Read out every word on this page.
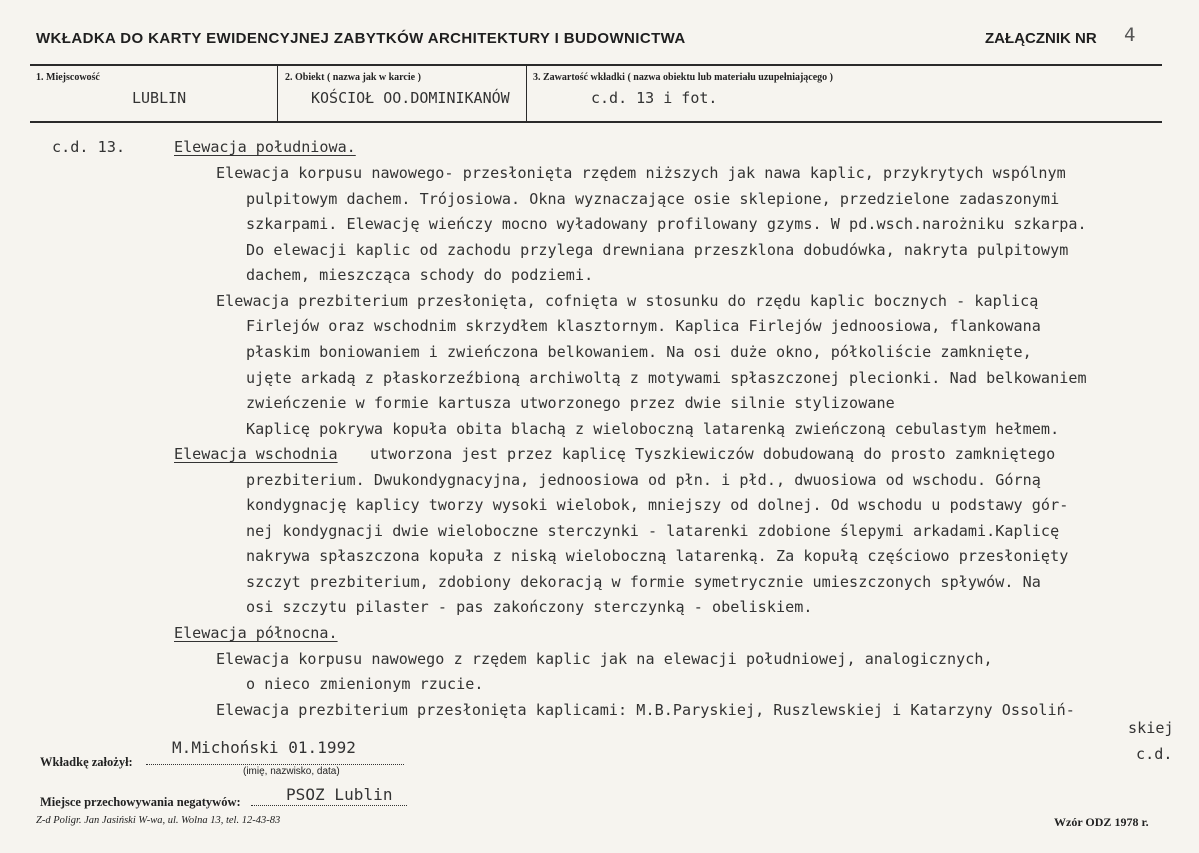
WKŁADKA DO KARTY EWIDENCYJNEJ ZABYTKÓW ARCHITEKTURY I BUDOWNICTWA	ZAŁĄCZNIK NR 4
1. Miejscowość
LUBLIN
2. Obiekt ( nazwa jak w karcie )
KOŚCIOŁ OO.DOMINIKANÓW
3. Zawartość wkładki ( nazwa obiektu lub materiału uzupełniającego )
c.d. 13 i fot.
c.d. 13.	Elewacja południowa.
Elewacja korpusu nawowego- przesłonięta rzędem niższych jak nawa kaplic, przykrytych wspólnym
pulpitowym dachem. Trójosiowa. Okna wyznaczające osie sklepione, przedzielone zadaszonymi
szkarpami. Elewację wieńczy mocno wyładowany profilowany gzyms. W pd.wsch.narożniku szkarpa.
Do elewacji kaplic od zachodu przylega drewniana przeszklona dobudówka, nakryta pulpitowym
dachem, mieszcząca schody do podziemi.
Elewacja prezbiterium przesłonięta, cofnięta w stosunku do rzędu kaplic bocznych - kaplicą
Firlejów oraz wschodnim skrzydłem klasztornym. Kaplica Firlejów jednoosiowa, flankowana
płaskim boniowaniem i zwieńczona belkowaniem. Na osi duże okno, półkoliście zamknięte,
ujęte arkadą z płaskorzeźbioną archiwoltą z motywami spłaszczonej plecionki. Nad belkowaniem
zwieńczenie w formie kartusza utworzonego przez dwie silnie stylizowane
Kaplicę pokrywa kopuła obita blachą z wieloboczną latarenką zwieńczoną cebulastym hełmem.
Elewacja wschodnia utworzona jest przez kaplicę Tyszkiewiczów dobudowaną do prosto zamkniętego
prezbiterium. Dwukondygnacyjna, jednoosiowa od płn. i płd., dwuosiowa od wschodu. Górną
kondygnację kaplicy tworzy wysoki wielobok, mniejszy od dolnej. Od wschodu u podstawy gór-
nej kondygnacji dwie wieloboczne sterczynki - latarenki zdobione ślepymi arkadami.Kaplicę
nakrywa spłaszczona kopuła z niską wieloboczną latarenką. Za kopułą częściowo przesłonięty
szczyt prezbiterium, zdobiony dekoracją w formie symetrycznie umieszczonych spływów. Na
osi szczytu pilaster - pas zakończony sterczynką - obeliskiem.
Elewacja północna.
Elewacja korpusu nawowego z rzędem kaplic jak na elewacji południowej, analogicznych,
o nieco zmienionym rzucie.
Elewacja prezbiterium przesłonięta kaplicami: M.B.Paryskiej, Ruszlewskiej i Katarzyny Ossoliń-
skiej
c.d.
M.Michoński 01.1992
Wkładkę założył:
(imię, nazwisko, data)
PSOZ Lublin
Miejsce przechowywania negatywów:
Z-d Poligr. Jan Jasiński W-wa, ul. Wolna 13, tel. 12-43-83	Wzór ODZ 1978 r.
